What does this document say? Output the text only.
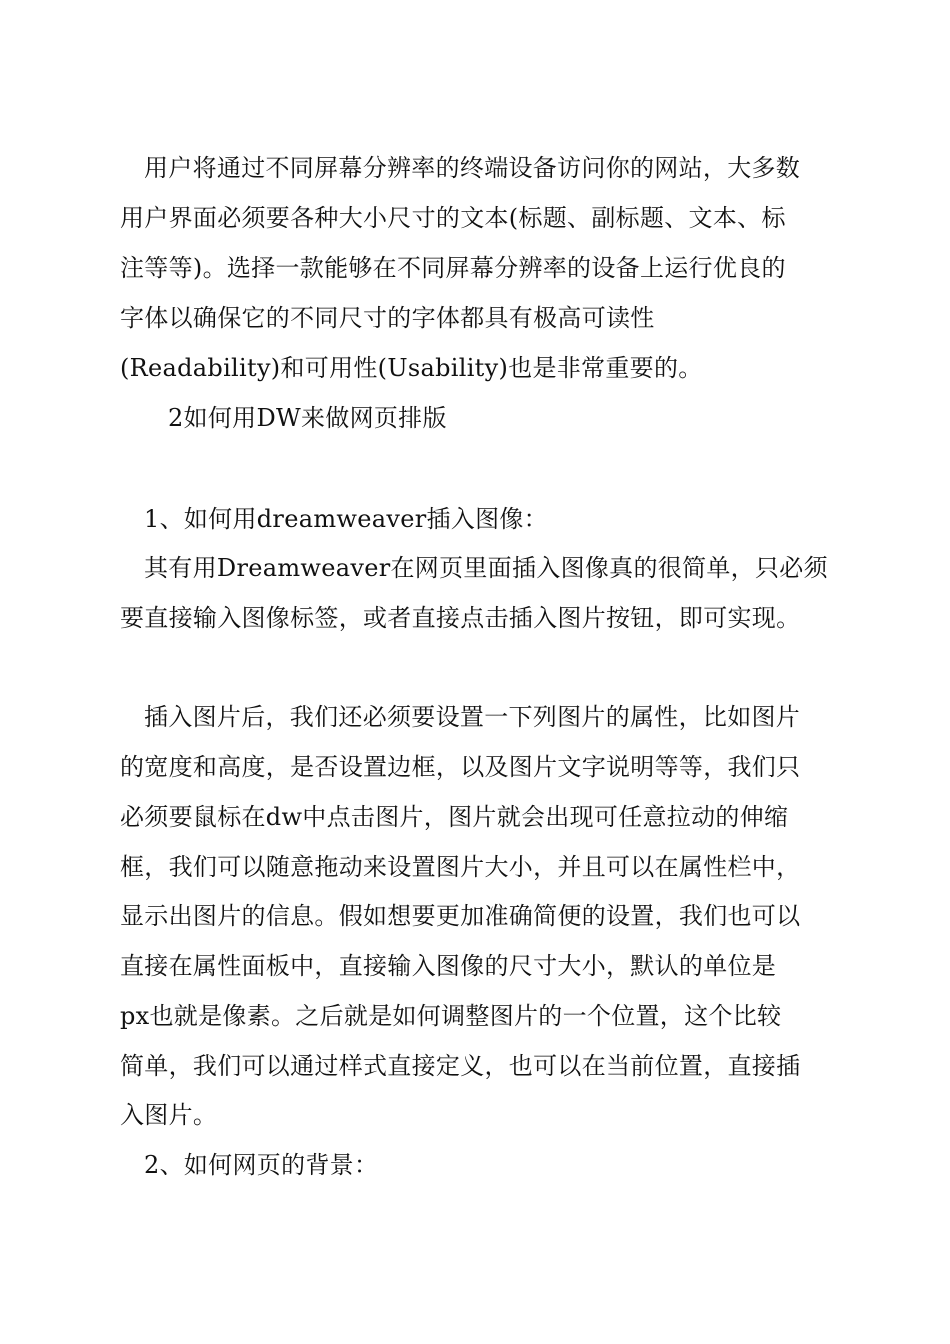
用户将通过不同屏幕分辨率的终端设备访问你的网站，大多数
用户界面必须要各种大小尺寸的文本(标题、副标题、文本、标
注等等)。选择一款能够在不同屏幕分辨率的设备上运行优良的
字体以确保它的不同尺寸的字体都具有极高可读性
(Readability)和可用性(Usability)也是非常重要的。
2如何用DW来做网页排版
1、如何用dreamweaver插入图像：
其有用Dreamweaver在网页里面插入图像真的很简单，只必须
要直接输入图像标签，或者直接点击插入图片按钮，即可实现。
插入图片后，我们还必须要设置一下列图片的属性，比如图片
的宽度和高度，是否设置边框，以及图片文字说明等等，我们只
必须要鼠标在dw中点击图片，图片就会出现可任意拉动的伸缩
框，我们可以随意拖动来设置图片大小，并且可以在属性栏中，
显示出图片的信息。假如想要更加准确简便的设置，我们也可以
直接在属性面板中，直接输入图像的尺寸大小，默认的单位是
px也就是像素。之后就是如何调整图片的一个位置，这个比较
简单，我们可以通过样式直接定义，也可以在当前位置，直接插
入图片。
2、如何网页的背景：
